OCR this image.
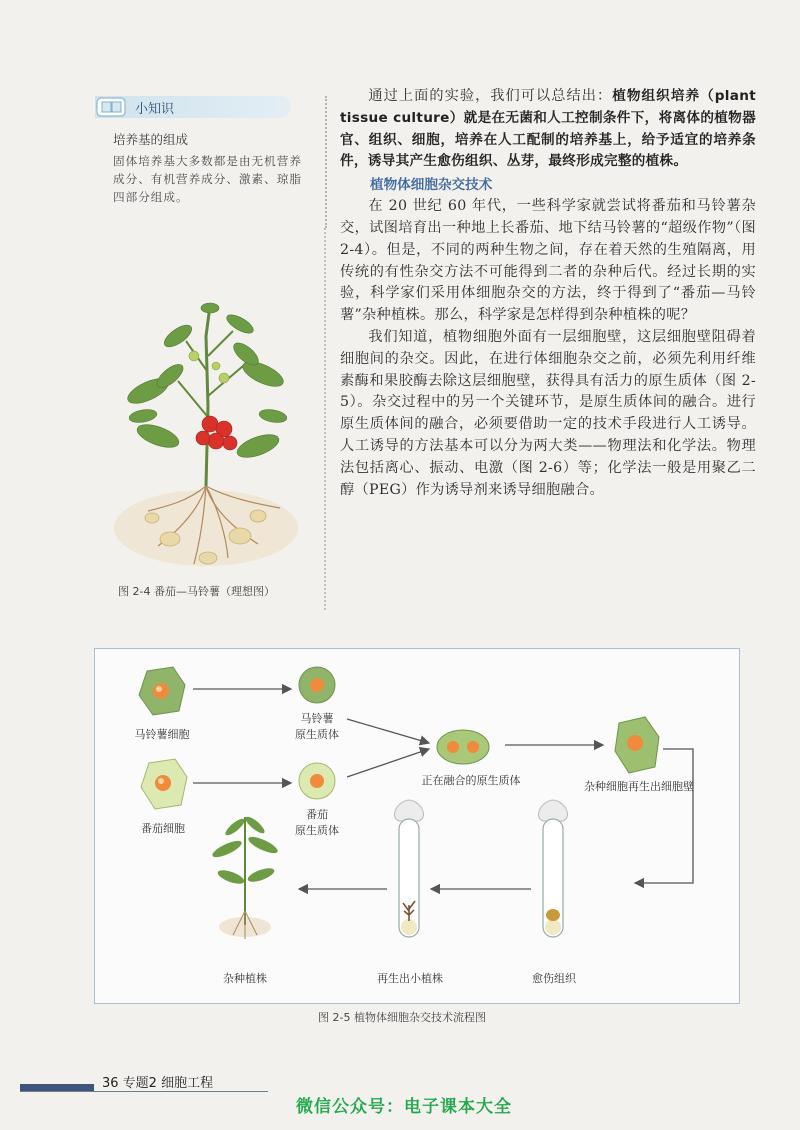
小知识
培养基的组成
固体培养基大多数都是由无机营养成分、有机营养成分、激素、琼脂四部分组成。
图 2-4 番茄—马铃薯（理想图）

通过上面的实验，我们可以总结出：植物组织培养（plant tissue culture）就是在无菌和人工控制条件下，将离体的植物器官、组织、细胞，培养在人工配制的培养基上，给予适宜的培养条件，诱导其产生愈伤组织、丛芽，最终形成完整的植株。

植物体细胞杂交技术

在 20 世纪 60 年代，一些科学家就尝试将番茄和马铃薯杂交，试图培育出一种地上长番茄、地下结马铃薯的“超级作物”（图 2-4）。但是，不同的两种生物之间，存在着天然的生殖隔离，用传统的有性杂交方法不可能得到二者的杂种后代。经过长期的实验，科学家们采用体细胞杂交的方法，终于得到了“番茄—马铃薯”杂种植株。那么，科学家是怎样得到杂种植株的呢？

我们知道，植物细胞外面有一层细胞壁，这层细胞壁阻碍着细胞间的杂交。因此，在进行体细胞杂交之前，必须先利用纤维素酶和果胶酶去除这层细胞壁，获得具有活力的原生质体（图 2-5）。杂交过程中的另一个关键环节，是原生质体间的融合。进行原生质体间的融合，必须要借助一定的技术手段进行人工诱导。人工诱导的方法基本可以分为两大类——物理法和化学法。物理法包括离心、振动、电激（图 2-6）等；化学法一般是用聚乙二醇（PEG）作为诱导剂来诱导细胞融合。

马铃薯细胞
马铃薯
原生质体
番茄细胞
番茄
原生质体
正在融合的原生质体	杂种细胞再生出细胞壁
愈伤组织
再生出小植株
杂种植株
图 2-5 植物体细胞杂交技术流程图
36 专题2 细胞工程
微信公众号：电子课本大全
